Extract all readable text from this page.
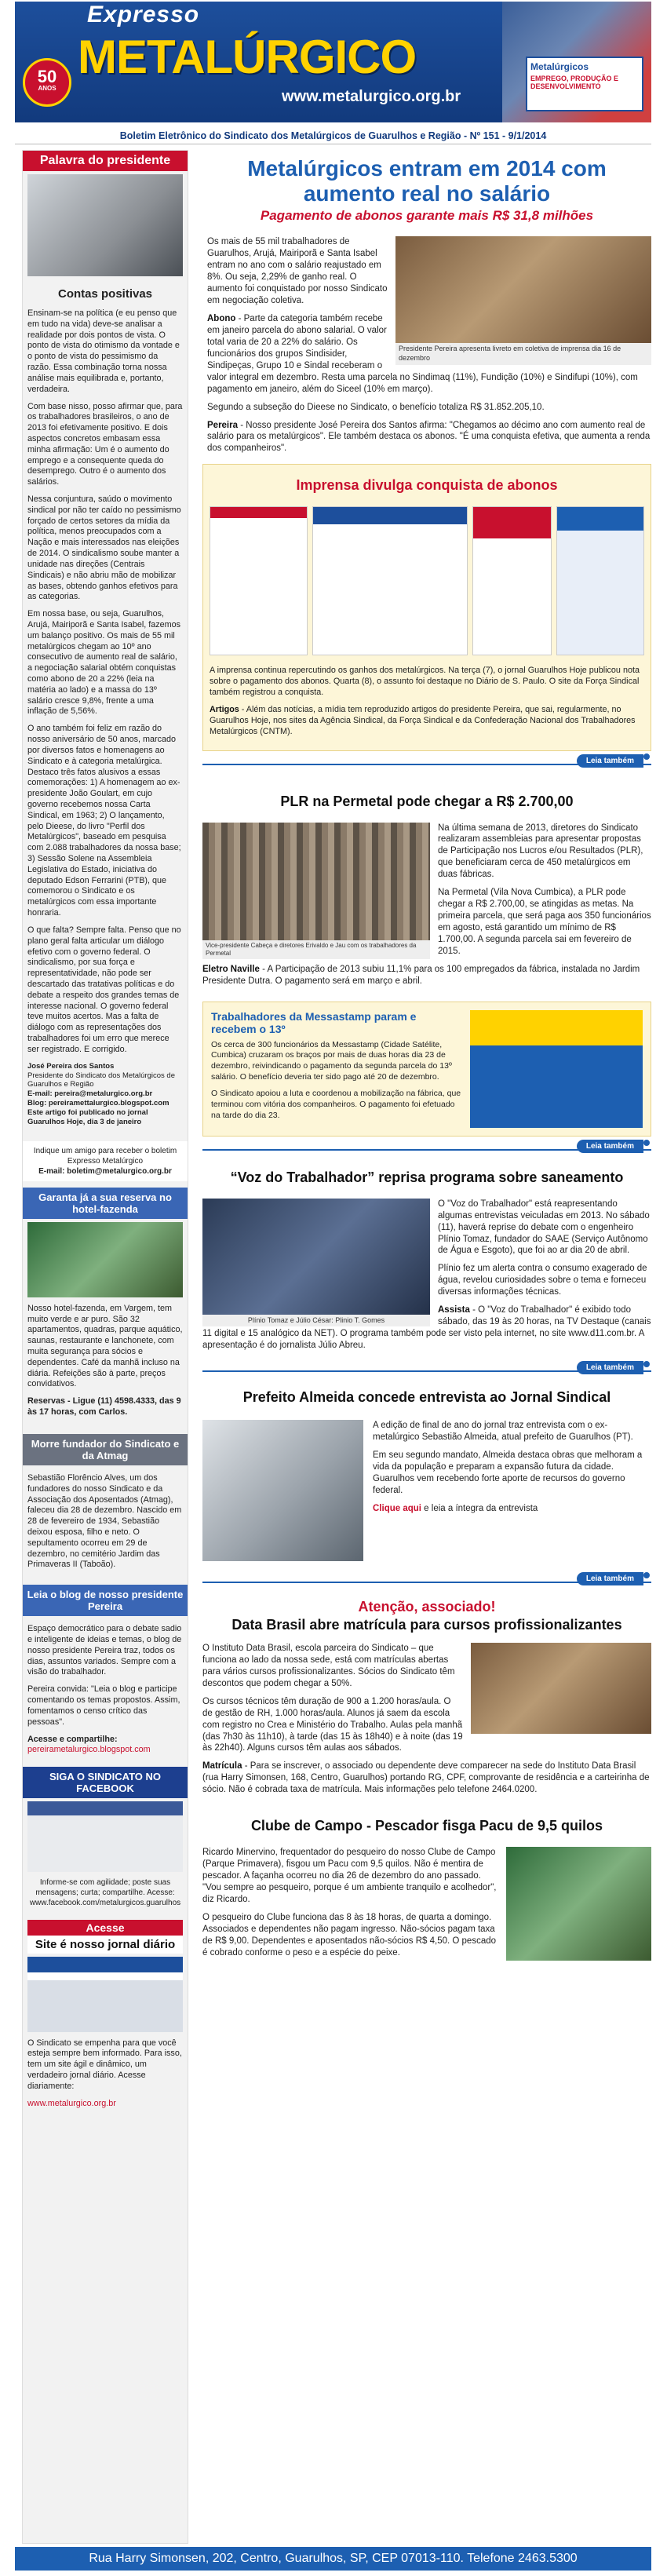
Expresso
METALÚRGICO
www.metalurgico.org.br
50
ANOS
Metalúrgicos
EMPREGO, PRODUÇÃO E DESENVOLVIMENTO
Boletim Eletrônico do Sindicato dos Metalúrgicos de Guarulhos e Região - Nº 151 - 9/1/2014
Palavra do presidente
Contas positivas

Ensinam-se na política (e eu penso que em tudo na vida) deve-se analisar a realidade por dois pontos de vista. O ponto de vista do otimismo da vontade e o ponto de vista do pessimismo da razão. Essa combinação torna nossa análise mais equilibrada e, portanto, verdadeira.

Com base nisso, posso afirmar que, para os trabalhadores brasileiros, o ano de 2013 foi efetivamente positivo. E dois aspectos concretos embasam essa minha afirmação: Um é o aumento do emprego e a consequente queda do desemprego. Outro é o aumento dos salários.

Nessa conjuntura, saúdo o movimento sindical por não ter caído no pessimismo forçado de certos setores da mídia da política, menos preocupados com a Nação e mais interessados nas eleições de 2014. O sindicalismo soube manter a unidade nas direções (Centrais Sindicais) e não abriu mão de mobilizar as bases, obtendo ganhos efetivos para as categorias.

Em nossa base, ou seja, Guarulhos, Arujá, Mairiporã e Santa Isabel, fazemos um balanço positivo. Os mais de 55 mil metalúrgicos chegam ao 10º ano consecutivo de aumento real de salário, a negociação salarial obtém conquistas como abono de 20 a 22% (leia na matéria ao lado) e a massa do 13º salário cresce 9,8%, frente a uma inflação de 5,56%.

O ano também foi feliz em razão do nosso aniversário de 50 anos, marcado por diversos fatos e homenagens ao Sindicato e à categoria metalúrgica. Destaco três fatos alusivos a essas comemorações: 1) A homenagem ao ex-presidente João Goulart, em cujo governo recebemos nossa Carta Sindical, em 1963; 2) O lançamento, pelo Dieese, do livro "Perfil dos Metalúrgicos", baseado em pesquisa com 2.088 trabalhadores da nossa base; 3) Sessão Solene na Assembleia Legislativa do Estado, iniciativa do deputado Edson Ferrarini (PTB), que comemorou o Sindicato e os metalúrgicos com essa importante honraria.

O que falta? Sempre falta. Penso que no plano geral falta articular um diálogo efetivo com o governo federal. O sindicalismo, por sua força e representatividade, não pode ser descartado das tratativas políticas e do debate a respeito dos grandes temas de interesse nacional. O governo federal teve muitos acertos. Mas a falta de diálogo com as representações dos trabalhadores foi um erro que merece ser registrado. E corrigido.

José Pereira dos Santos
Presidente do Sindicato dos Metalúrgicos de Guarulhos e Região
E-mail: pereira@metalurgico.org.br
Blog: pereiramettalurgico.blogspot.com
Este artigo foi publicado no jornal Guarulhos Hoje, dia 3 de janeiro
Indique um amigo para receber o boletim Expresso Metalúrgico
E-mail: boletim@metalurgico.org.br
Garanta já a sua reserva no hotel-fazenda

Nosso hotel-fazenda, em Vargem, tem muito verde e ar puro. São 32 apartamentos, quadras, parque aquático, saunas, restaurante e lanchonete, com muita segurança para sócios e dependentes. Café da manhã incluso na diária. Refeições são à parte, preços convidativos.

Reservas - Ligue (11) 4598.4333, das 9 às 17 horas, com Carlos.

Morre fundador do Sindicato e da Atmag

Sebastião Florêncio Alves, um dos fundadores do nosso Sindicato e da Associação dos Aposentados (Atmag), faleceu dia 28 de dezembro. Nascido em 28 de fevereiro de 1934, Sebastião deixou esposa, filho e neto. O sepultamento ocorreu em 29 de dezembro, no cemitério Jardim das Primaveras II (Taboão).

Leia o blog de nosso presidente Pereira

Espaço democrático para o debate sadio e inteligente de ideias e temas, o blog de nosso presidente Pereira traz, todos os dias, assuntos variados. Sempre com a visão do trabalhador.

Pereira convida: "Leia o blog e participe comentando os temas propostos. Assim, fomentamos o censo crítico das pessoas".

Acesse e compartilhe:
pereirametalurgico.blogspot.com
SIGA O SINDICATO NO FACEBOOK
Informe-se com agilidade; poste suas mensagens; curta; compartilhe. Acesse: www.facebook.com/metalurgicos.guarulhos
Acesse
Site é nosso jornal diário

O Sindicato se empenha para que você esteja sempre bem informado. Para isso, tem um site ágil e dinâmico, um verdadeiro jornal diário. Acesse diariamente:

www.metalurgico.org.br
Metalúrgicos entram em 2014 com aumento real no salário
Pagamento de abonos garante mais R$ 31,8 milhões
Presidente Pereira apresenta livreto em coletiva de imprensa dia 16 de dezembro

Os mais de 55 mil trabalhadores de Guarulhos, Arujá, Mairiporã e Santa Isabel entram no ano com o salário reajustado em 8%. Ou seja, 2,29% de ganho real. O aumento foi conquistado por nosso Sindicato em negociação coletiva.

Abono - Parte da categoria também recebe em janeiro parcela do abono salarial. O valor total varia de 20 a 22% do salário. Os funcionários dos grupos Sindisider, Sindipeças, Grupo 10 e Sindal receberam o valor integral em dezembro. Resta uma parcela no Sindimaq (11%), Fundição (10%) e Sindifupi (10%), com pagamento em janeiro, além do Siceel (10% em março).

Segundo a subseção do Dieese no Sindicato, o benefício totaliza R$ 31.852.205,10.

Pereira - Nosso presidente José Pereira dos Santos afirma: "Chegamos ao décimo ano com aumento real de salário para os metalúrgicos". Ele também destaca os abonos. "É uma conquista efetiva, que aumenta a renda dos companheiros".

Imprensa divulga conquista de abonos

A imprensa continua repercutindo os ganhos dos metalúrgicos. Na terça (7), o jornal Guarulhos Hoje publicou nota sobre o pagamento dos abonos. Quarta (8), o assunto foi destaque no Diário de S. Paulo. O site da Força Sindical também registrou a conquista.

Artigos - Além das notícias, a mídia tem reproduzido artigos do presidente Pereira, que sai, regularmente, no Guarulhos Hoje, nos sites da Agência Sindical, da Força Sindical e da Confederação Nacional dos Trabalhadores Metalúrgicos (CNTM).

Leia também
PLR na Permetal pode chegar a R$ 2.700,00
Vice-presidente Cabeça e diretores Erivaldo e Jau com os trabalhadores da Permetal

Na última semana de 2013, diretores do Sindicato realizaram assembleias para apresentar propostas de Participação nos Lucros e/ou Resultados (PLR), que beneficiaram cerca de 450 metalúrgicos em duas fábricas.

Na Permetal (Vila Nova Cumbica), a PLR pode chegar a R$ 2.700,00, se atingidas as metas. Na primeira parcela, que será paga aos 350 funcionários em agosto, está garantido um mínimo de R$ 1.700,00. A segunda parcela sai em fevereiro de 2015.

Eletro Naville - A Participação de 2013 subiu 11,1% para os 100 empregados da fábrica, instalada no Jardim Presidente Dutra. O pagamento será em março e abril.

Trabalhadores da Messastamp param e recebem o 13º

Os cerca de 300 funcionários da Messastamp (Cidade Satélite, Cumbica) cruzaram os braços por mais de duas horas dia 23 de dezembro, reivindicando o pagamento da segunda parcela do 13º salário. O benefício deveria ter sido pago até 20 de dezembro.

O Sindicato apoiou a luta e coordenou a mobilização na fábrica, que terminou com vitória dos companheiros. O pagamento foi efetuado na tarde do dia 23.

Leia também
“Voz do Trabalhador” reprisa programa sobre saneamento
Plínio Tomaz e Júlio César: Plinio T. Gomes

O "Voz do Trabalhador" está reapresentando algumas entrevistas veiculadas em 2013. No sábado (11), haverá reprise do debate com o engenheiro Plínio Tomaz, fundador do SAAE (Serviço Autônomo de Água e Esgoto), que foi ao ar dia 20 de abril.

Plínio fez um alerta contra o consumo exagerado de água, revelou curiosidades sobre o tema e forneceu diversas informações técnicas.

Assista - O "Voz do Trabalhador" é exibido todo sábado, das 19 às 20 horas, na TV Destaque (canais 11 digital e 15 analógico da NET). O programa também pode ser visto pela internet, no site www.d11.com.br. A apresentação é do jornalista Júlio Abreu.

Leia também
Prefeito Almeida concede entrevista ao Jornal Sindical

A edição de final de ano do jornal traz entrevista com o ex-metalúrgico Sebastião Almeida, atual prefeito de Guarulhos (PT).

Em seu segundo mandato, Almeida destaca obras que melhoram a vida da população e preparam a expansão futura da cidade. Guarulhos vem recebendo forte aporte de recursos do governo federal.

Clique aqui e leia a íntegra da entrevista

Leia também
Atenção, associado!
Data Brasil abre matrícula para cursos profissionalizantes

O Instituto Data Brasil, escola parceira do Sindicato – que funciona ao lado da nossa sede, está com matrículas abertas para vários cursos profissionalizantes. Sócios do Sindicato têm descontos que podem chegar a 50%.

Os cursos técnicos têm duração de 900 a 1.200 horas/aula. O de gestão de RH, 1.000 horas/aula. Alunos já saem da escola com registro no Crea e Ministério do Trabalho. Aulas pela manhã (das 7h30 às 11h10), à tarde (das 15 às 18h40) e à noite (das 19 às 22h40). Alguns cursos têm aulas aos sábados.

Matrícula - Para se inscrever, o associado ou dependente deve comparecer na sede do Instituto Data Brasil (rua Harry Simonsen, 168, Centro, Guarulhos) portando RG, CPF, comprovante de residência e a carteirinha de sócio. Não é cobrada taxa de matrícula. Mais informações pelo telefone 2464.0200.

Clube de Campo - Pescador fisga Pacu de 9,5 quilos

Ricardo Minervino, frequentador do pesqueiro do nosso Clube de Campo (Parque Primavera), fisgou um Pacu com 9,5 quilos. Não é mentira de pescador. A façanha ocorreu no dia 26 de dezembro do ano passado. "Vou sempre ao pesqueiro, porque é um ambiente tranquilo e acolhedor", diz Ricardo.

O pesqueiro do Clube funciona das 8 às 18 horas, de quarta a domingo. Associados e dependentes não pagam ingresso. Não-sócios pagam taxa de R$ 9,00. Dependentes e aposentados não-sócios R$ 4,50. O pescado é cobrado conforme o peso e a espécie do peixe.

Rua Harry Simonsen, 202, Centro, Guarulhos, SP, CEP 07013-110. Telefone 2463.5300
